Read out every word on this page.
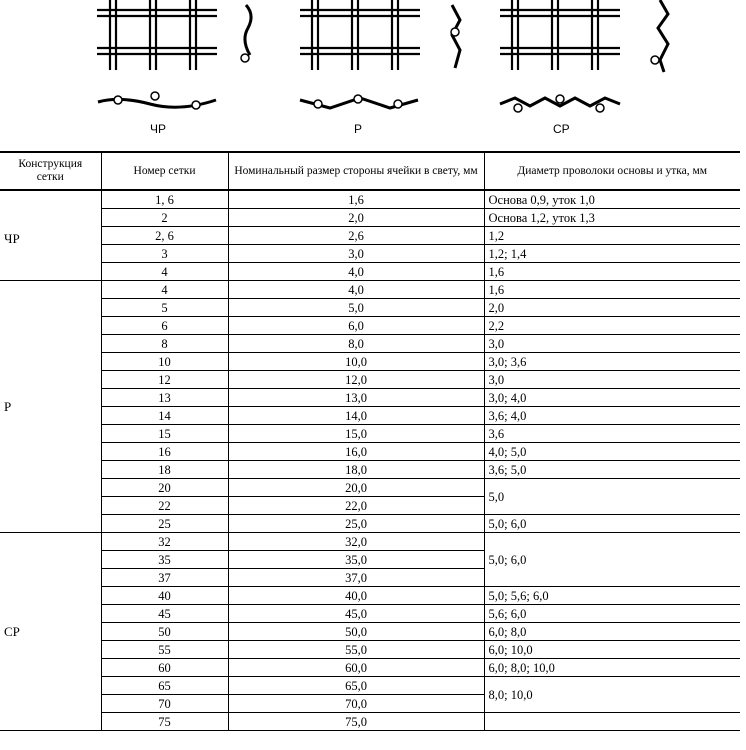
ЧР	Р	СР
Конструкция сетки	Номер сетки	Номинальный размер стороны ячейки в свету, мм	Диаметр проволоки основы и утка, мм
ЧР	1, 6	1,6	Основа 0,9, уток 1,0
	2	2,0	Основа 1,2, уток 1,3
	2, 6	2,6	1,2
	3	3,0	1,2; 1,4
	4	4,0	1,6
Р	4	4,0	1,6
	5	5,0	2,0
	6	6,0	2,2
	8	8,0	3,0
	10	10,0	3,0; 3,6
	12	12,0	3,0
	13	13,0	3,0; 4,0
	14	14,0	3,6; 4,0
	15	15,0	3,6
	16	16,0	4,0; 5,0
	18	18,0	3,6; 5,0
	20	20,0	5,0
	22	22,0	
	25	25,0	5,0; 6,0
СР	32	32,0	5,0; 6,0
	35	35,0	
	37	37,0	
	40	40,0	5,0; 5,6; 6,0
	45	45,0	5,6; 6,0
	50	50,0	6,0; 8,0
	55	55,0	6,0; 10,0
	60	60,0	6,0; 8,0; 10,0
	65	65,0	8,0; 10,0
	70	70,0	
	75	75,0	
